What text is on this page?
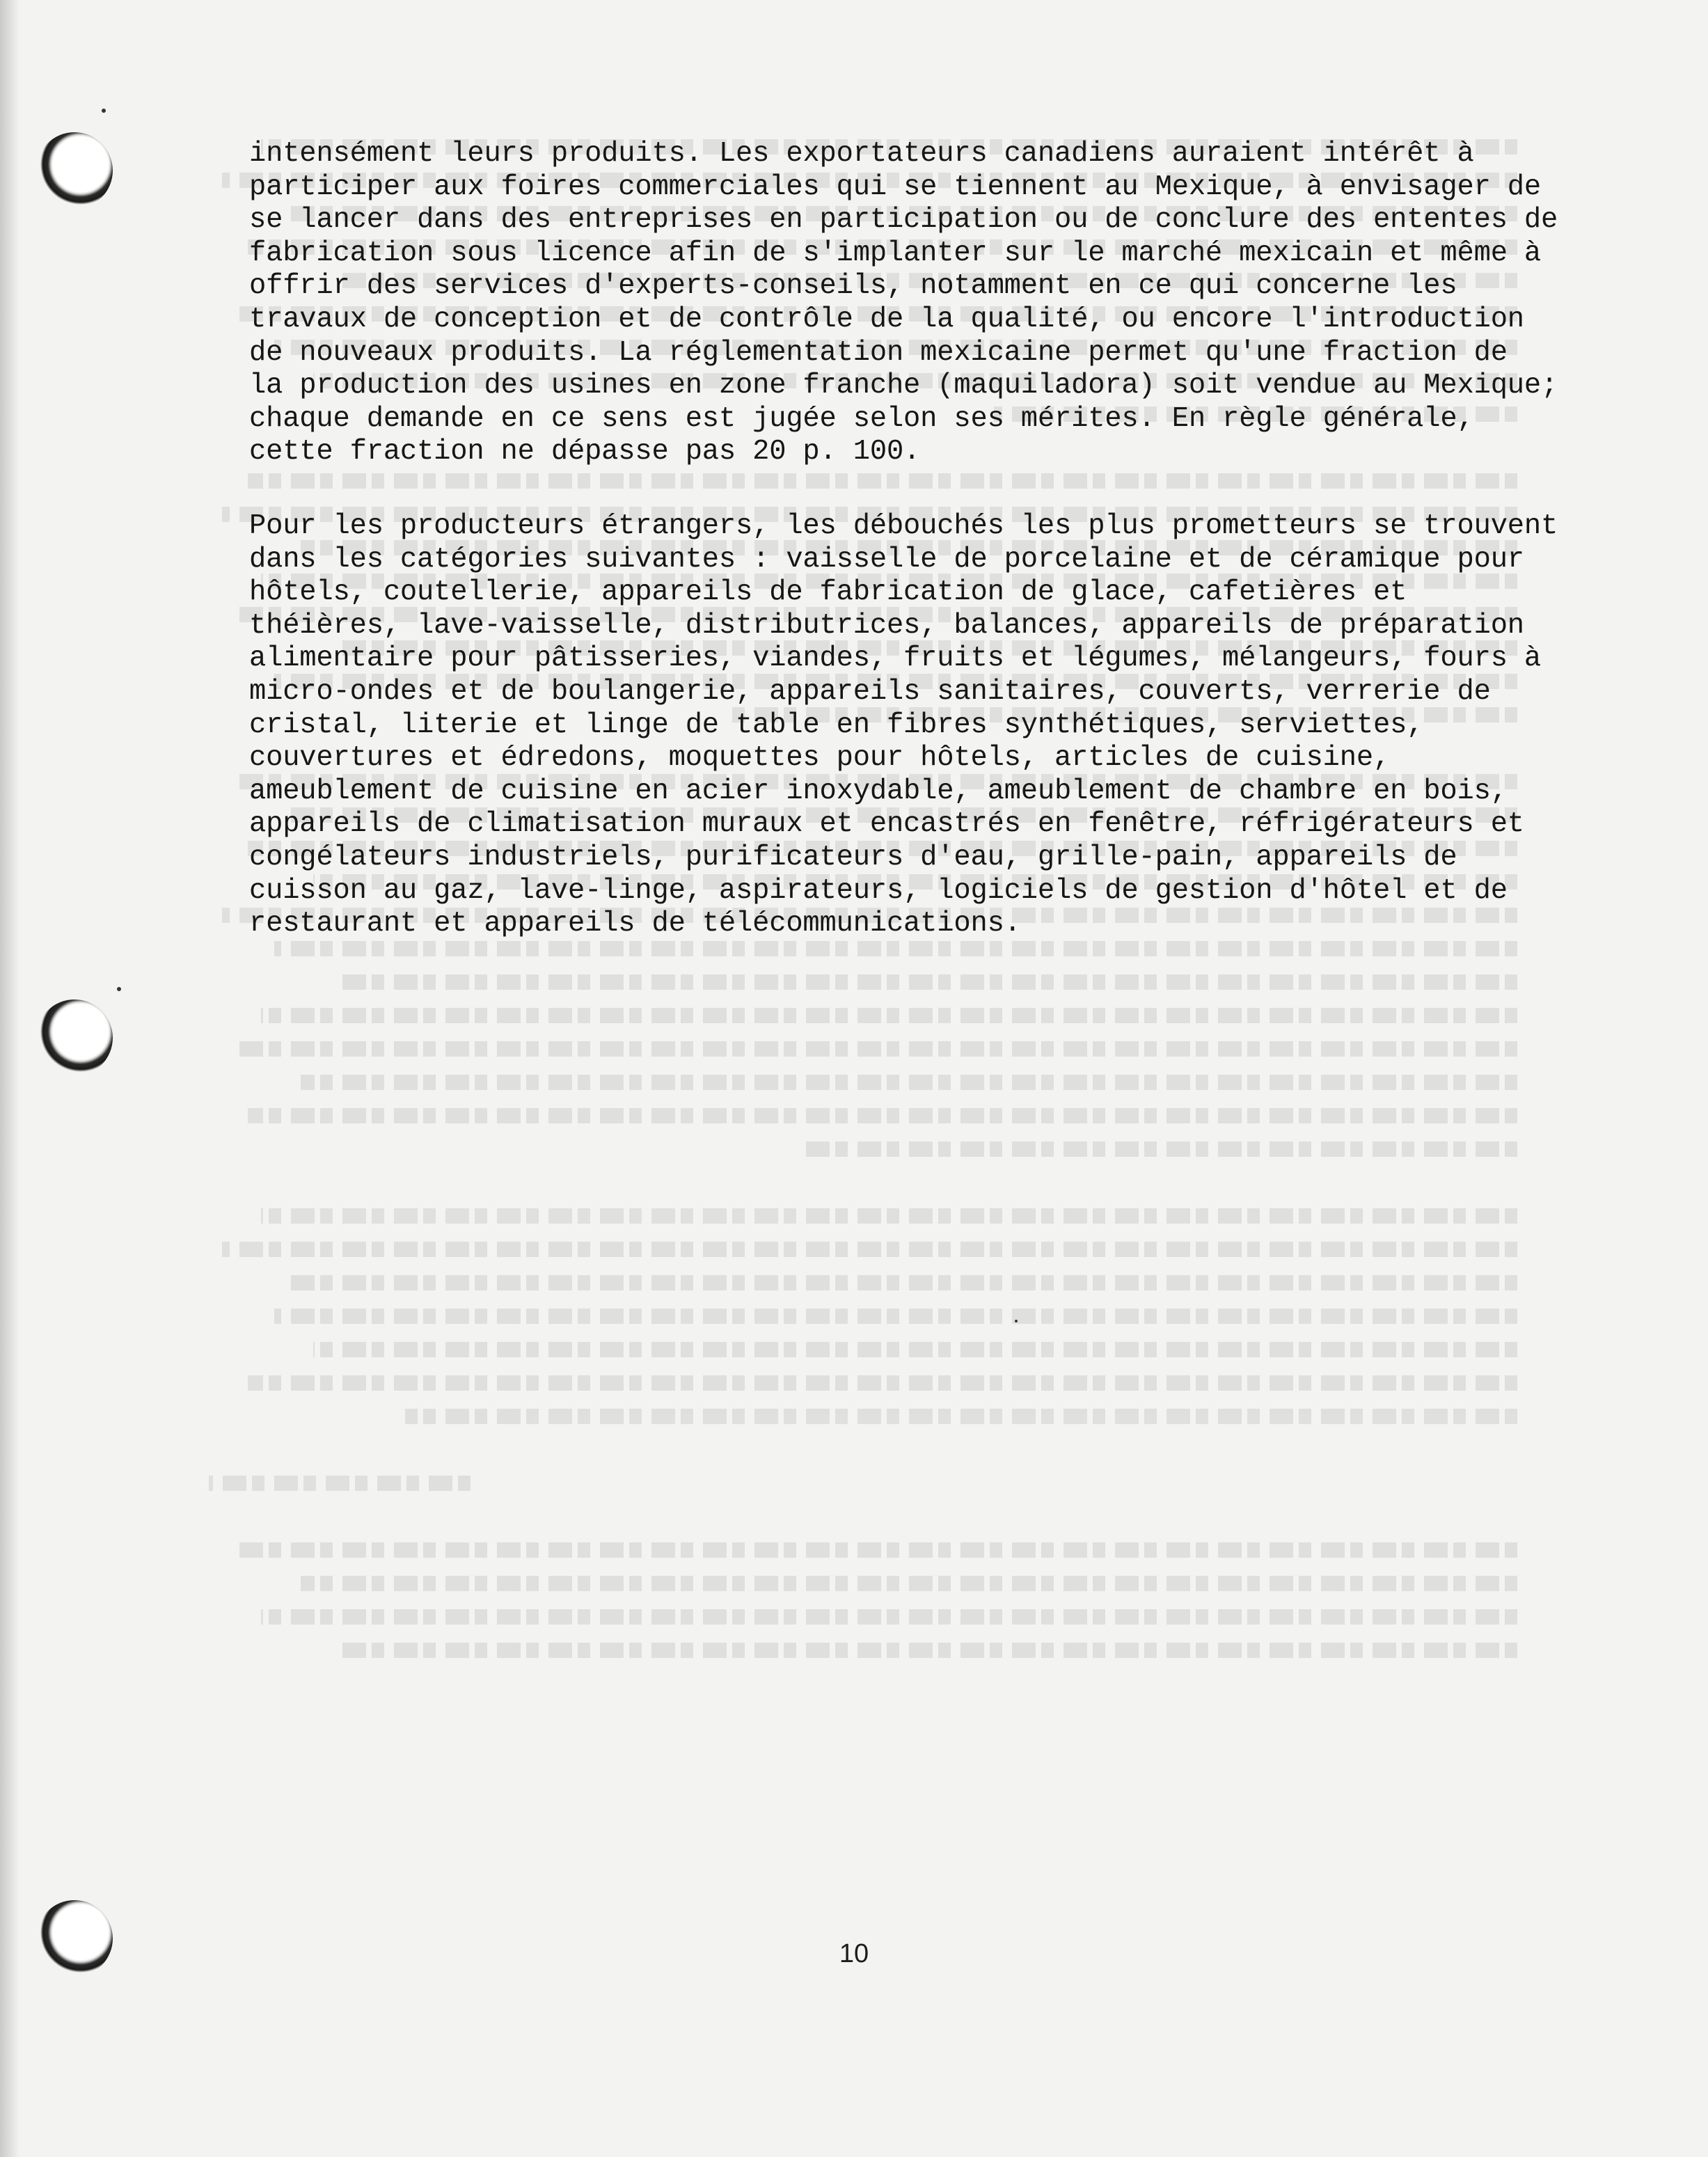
intensément leurs produits. Les exportateurs canadiens auraient intérêt à
participer aux foires commerciales qui se tiennent au Mexique, à envisager de
se lancer dans des entreprises en participation ou de conclure des ententes de
fabrication sous licence afin de s'implanter sur le marché mexicain et même à
offrir des services d'experts-conseils, notamment en ce qui concerne les
travaux de conception et de contrôle de la qualité, ou encore l'introduction
de nouveaux produits. La réglementation mexicaine permet qu'une fraction de
la production des usines en zone franche (maquiladora) soit vendue au Mexique;
chaque demande en ce sens est jugée selon ses mérites. En règle générale,
cette fraction ne dépasse pas 20 p. 100.

Pour les producteurs étrangers, les débouchés les plus prometteurs se trouvent
dans les catégories suivantes : vaisselle de porcelaine et de céramique pour
hôtels, coutellerie, appareils de fabrication de glace, cafetières et
théières, lave-vaisselle, distributrices, balances, appareils de préparation
alimentaire pour pâtisseries, viandes, fruits et légumes, mélangeurs, fours à
micro-ondes et de boulangerie, appareils sanitaires, couverts, verrerie de
cristal, literie et linge de table en fibres synthétiques, serviettes,
couvertures et édredons, moquettes pour hôtels, articles de cuisine,
ameublement de cuisine en acier inoxydable, ameublement de chambre en bois,
appareils de climatisation muraux et encastrés en fenêtre, réfrigérateurs et
congélateurs industriels, purificateurs d'eau, grille-pain, appareils de
cuisson au gaz, lave-linge, aspirateurs, logiciels de gestion d'hôtel et de
restaurant et appareils de télécommunications.

10
